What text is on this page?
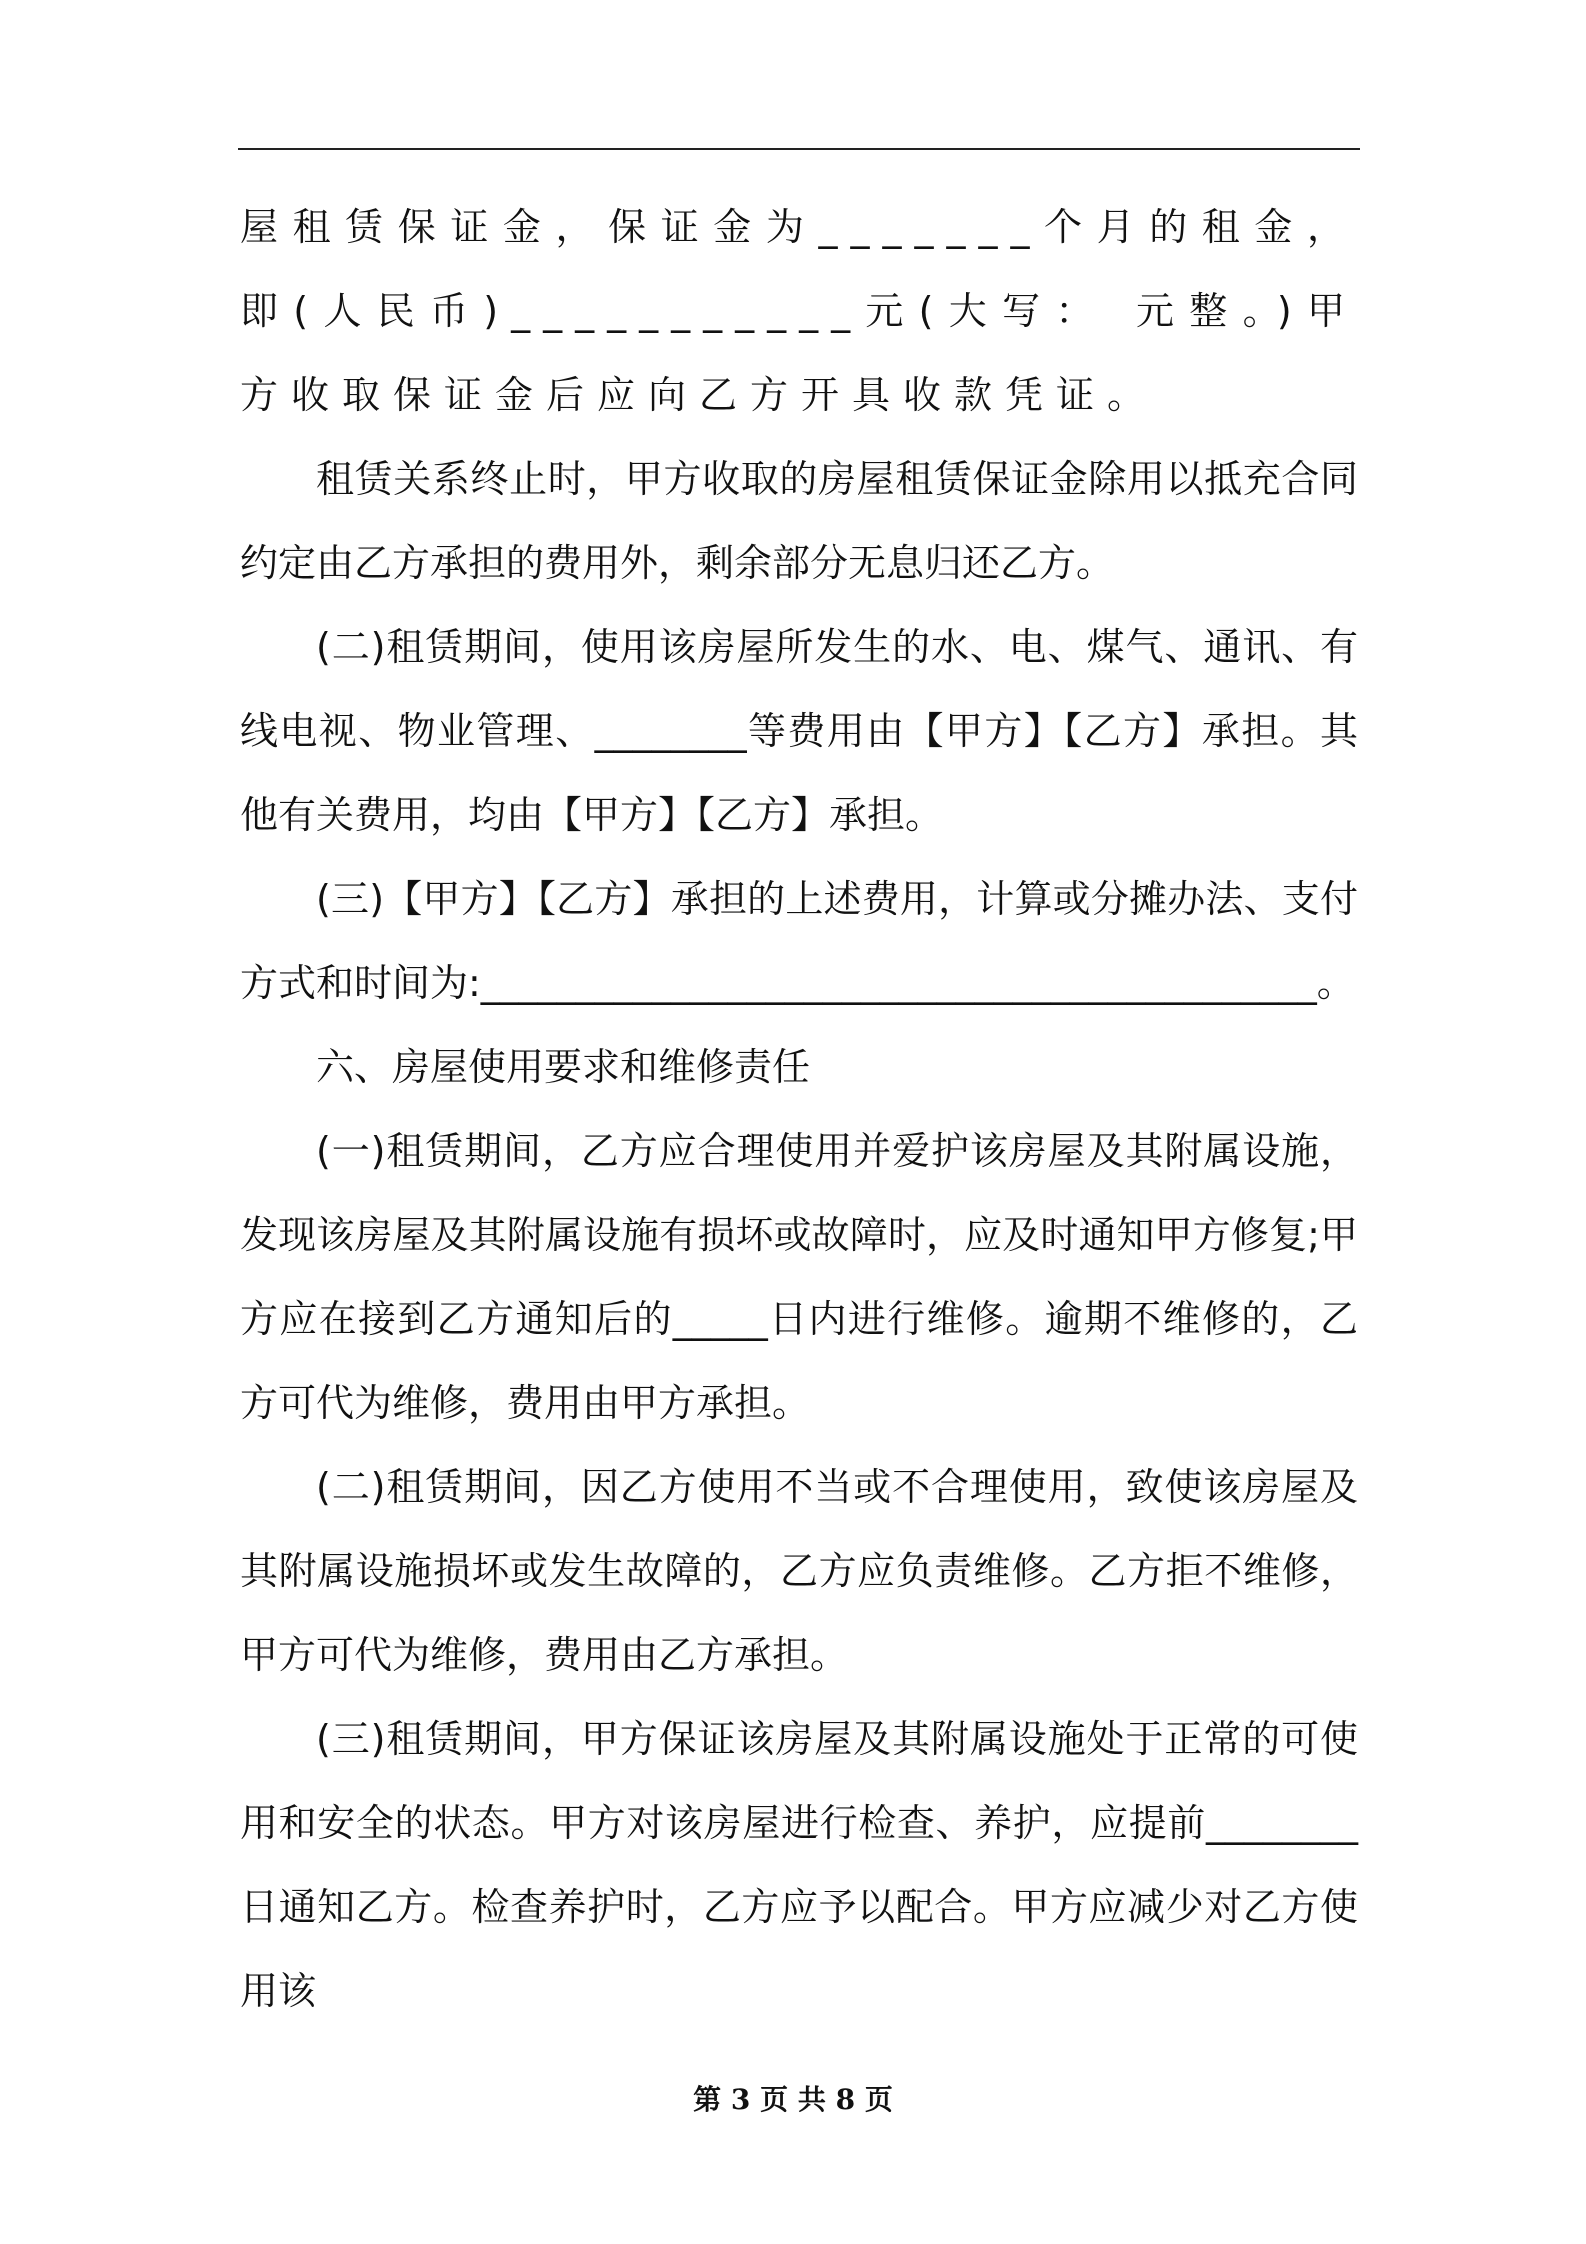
屋租赁保证金，保证金为_______个月的租金，即(人民币)___________元(大写： 元整。)甲方收取保证金后应向乙方开具收款凭证。

租赁关系终止时，甲方收取的房屋租赁保证金除用以抵充合同约定由乙方承担的费用外，剩余部分无息归还乙方。

(二)租赁期间，使用该房屋所发生的水、电、煤气、通讯、有线电视、物业管理、________等费用由【甲方】【乙方】承担。其他有关费用，均由【甲方】【乙方】承担。

(三)【甲方】【乙方】承担的上述费用，计算或分摊办法、支付方式和时间为:____________________________________________。

六、房屋使用要求和维修责任

(一)租赁期间，乙方应合理使用并爱护该房屋及其附属设施，发现该房屋及其附属设施有损坏或故障时，应及时通知甲方修复;甲方应在接到乙方通知后的_____日内进行维修。逾期不维修的，乙方可代为维修，费用由甲方承担。

(二)租赁期间，因乙方使用不当或不合理使用，致使该房屋及其附属设施损坏或发生故障的，乙方应负责维修。乙方拒不维修，甲方可代为维修，费用由乙方承担。

(三)租赁期间，甲方保证该房屋及其附属设施处于正常的可使用和安全的状态。甲方对该房屋进行检查、养护，应提前________日通知乙方。检查养护时，乙方应予以配合。甲方应减少对乙方使用该

第 3 页 共 8 页
